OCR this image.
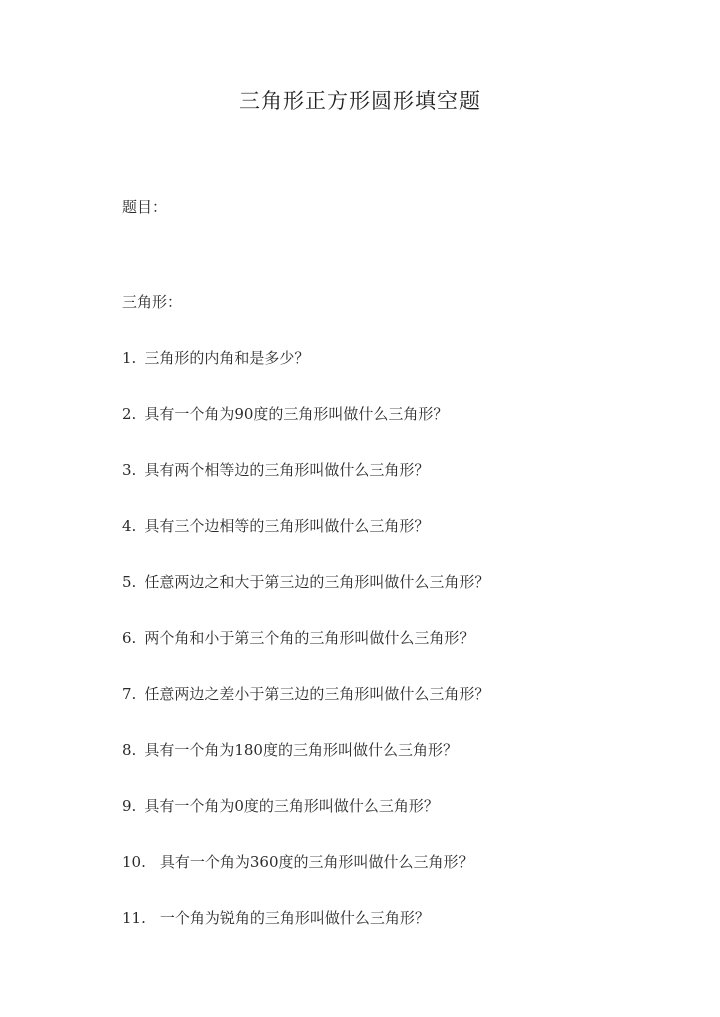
三角形正方形圆形填空题
题目：
三角形：
1. 三角形的内角和是多少？
2. 具有一个角为90度的三角形叫做什么三角形？
3. 具有两个相等边的三角形叫做什么三角形？
4. 具有三个边相等的三角形叫做什么三角形？
5. 任意两边之和大于第三边的三角形叫做什么三角形？
6. 两个角和小于第三个角的三角形叫做什么三角形？
7. 任意两边之差小于第三边的三角形叫做什么三角形？
8. 具有一个角为180度的三角形叫做什么三角形？
9. 具有一个角为0度的三角形叫做什么三角形？
10. 具有一个角为360度的三角形叫做什么三角形？
11. 一个角为锐角的三角形叫做什么三角形？
